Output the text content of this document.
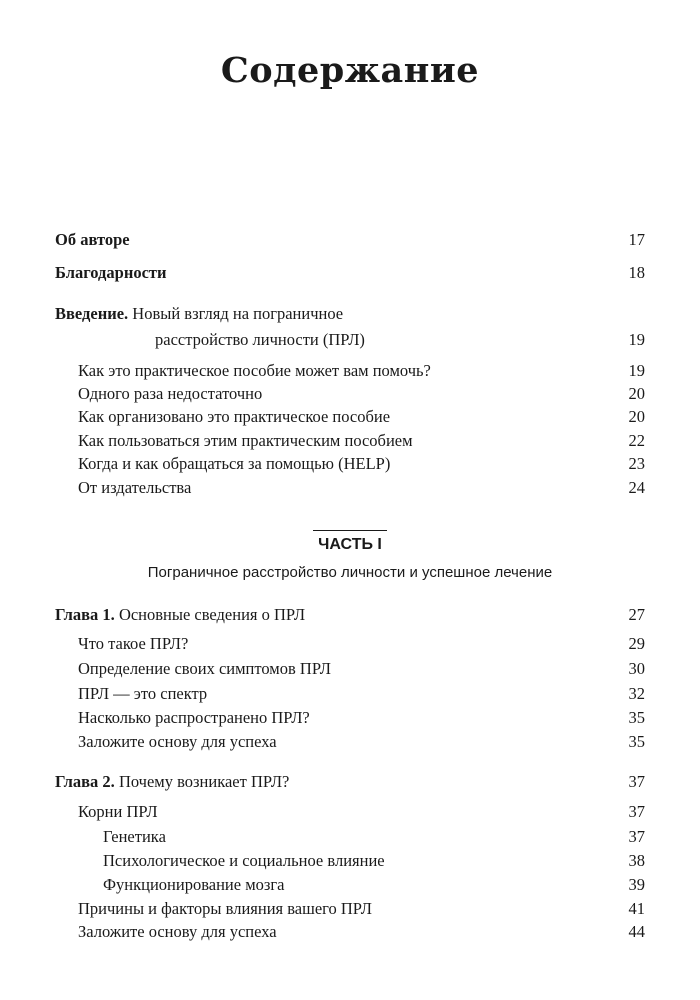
Содержание
Об авторе	17
Благодарности	18
Введение. Новый взгляд на пограничное
расстройство личности (ПРЛ)	19
Как это практическое пособие может вам помочь?	19
Одного раза недостаточно	20
Как организовано это практическое пособие	20
Как пользоваться этим практическим пособием	22
Когда и как обращаться за помощью (HELP)	23
От издательства	24
Глава 1. Основные сведения о ПРЛ	27
Что такое ПРЛ?	29
Определение своих симптомов ПРЛ	30
ПРЛ — это спектр	32
Насколько распространено ПРЛ?	35
Заложите основу для успеха	35
Глава 2. Почему возникает ПРЛ?	37
Корни ПРЛ	37
Генетика	37
Психологическое и социальное влияние	38
Функционирование мозга	39
Причины и факторы влияния вашего ПРЛ	41
Заложите основу для успеха	44
ЧАСТЬ I
Пограничное расстройство личности и успешное лечение
